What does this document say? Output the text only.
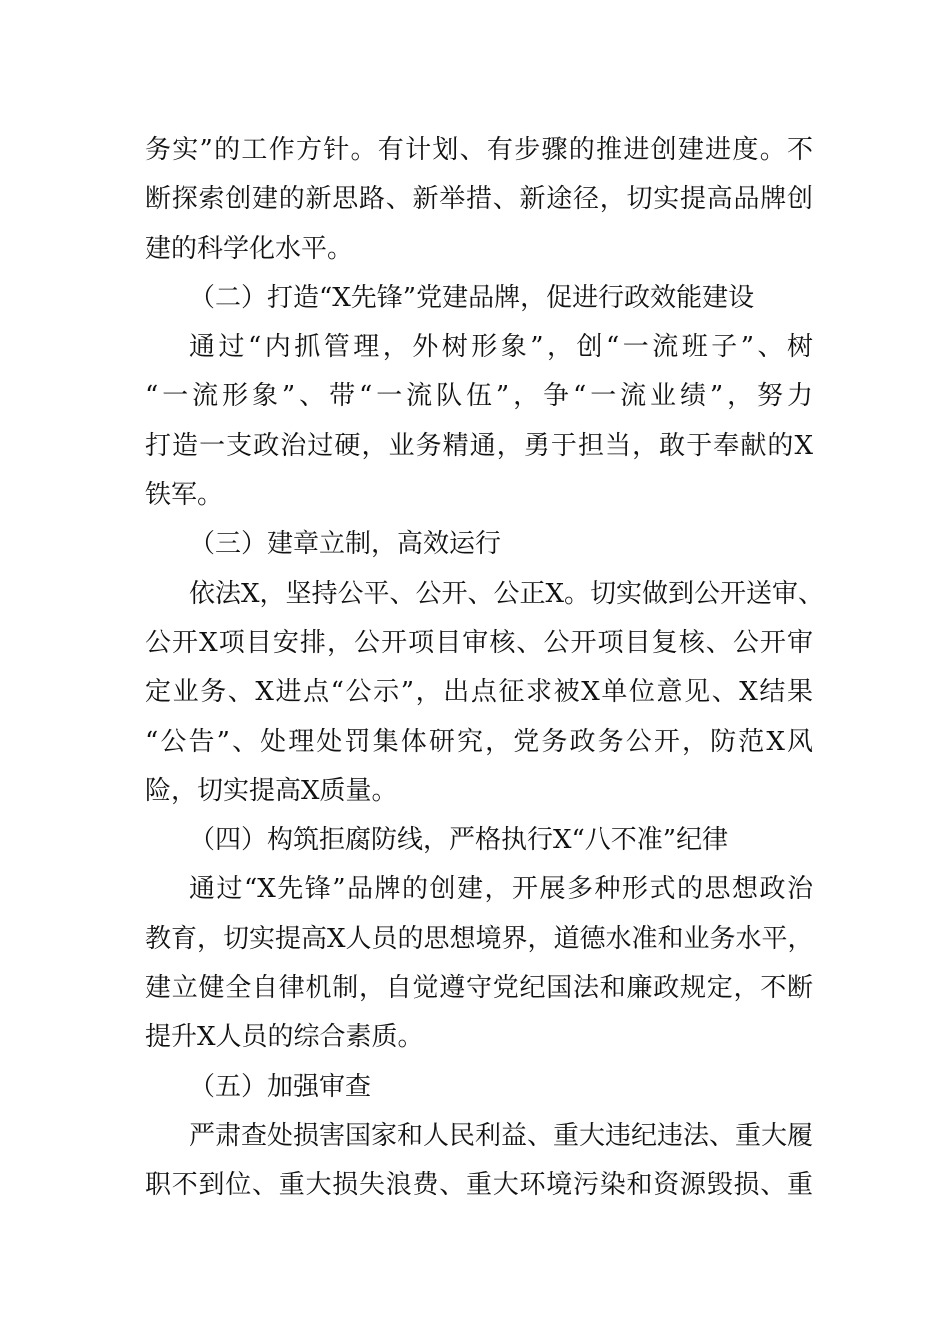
务实”的工作方针。有计划、有步骤的推进创建进度。不
断探索创建的新思路、新举措、新途径，切实提高品牌创
建的科学化水平。
（二）打造“X先锋”党建品牌，促进行政效能建设
通过“内抓管理，外树形象”，创“一流班子”、树
“一流形象”、带“一流队伍”，争“一流业绩”，努力
打造一支政治过硬，业务精通，勇于担当，敢于奉献的X
铁军。
（三）建章立制，高效运行
依法X，坚持公平、公开、公正X。切实做到公开送审、
公开X项目安排，公开项目审核、公开项目复核、公开审
定业务、X进点“公示”，出点征求被X单位意见、X结果
“公告”、处理处罚集体研究，党务政务公开，防范X风
险，切实提高X质量。
（四）构筑拒腐防线，严格执行X“八不准”纪律
通过“X先锋”品牌的创建，开展多种形式的思想政治
教育，切实提高X人员的思想境界，道德水准和业务水平，
建立健全自律机制，自觉遵守党纪国法和廉政规定，不断
提升X人员的综合素质。
（五）加强审查
严肃查处损害国家和人民利益、重大违纪违法、重大履
职不到位、重大损失浪费、重大环境污染和资源毁损、重
